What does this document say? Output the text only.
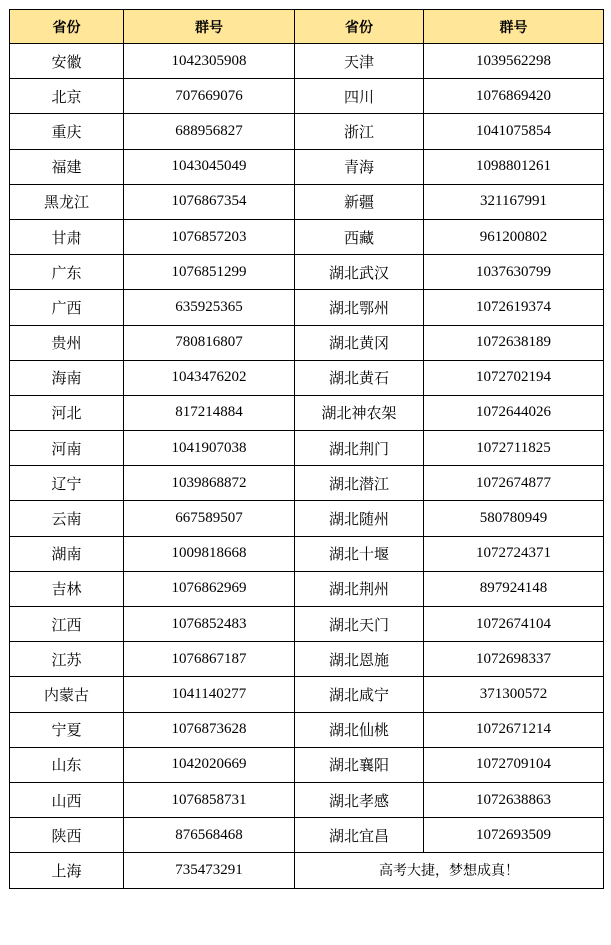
省份	群号	省份	群号
安徽	1042305908	天津	1039562298
北京	707669076	四川	1076869420
重庆	688956827	浙江	1041075854
福建	1043045049	青海	1098801261
黑龙江	1076867354	新疆	321167991
甘肃	1076857203	西藏	961200802
广东	1076851299	湖北武汉	1037630799
广西	635925365	湖北鄂州	1072619374
贵州	780816807	湖北黄冈	1072638189
海南	1043476202	湖北黄石	1072702194
河北	817214884	湖北神农架	1072644026
河南	1041907038	湖北荆门	1072711825
辽宁	1039868872	湖北潜江	1072674877
云南	667589507	湖北随州	580780949
湖南	1009818668	湖北十堰	1072724371
吉林	1076862969	湖北荆州	897924148
江西	1076852483	湖北天门	1072674104
江苏	1076867187	湖北恩施	1072698337
内蒙古	1041140277	湖北咸宁	371300572
宁夏	1076873628	湖北仙桃	1072671214
山东	1042020669	湖北襄阳	1072709104
山西	1076858731	湖北孝感	1072638863
陕西	876568468	湖北宜昌	1072693509
上海	735473291	高考大捷，梦想成真！	
